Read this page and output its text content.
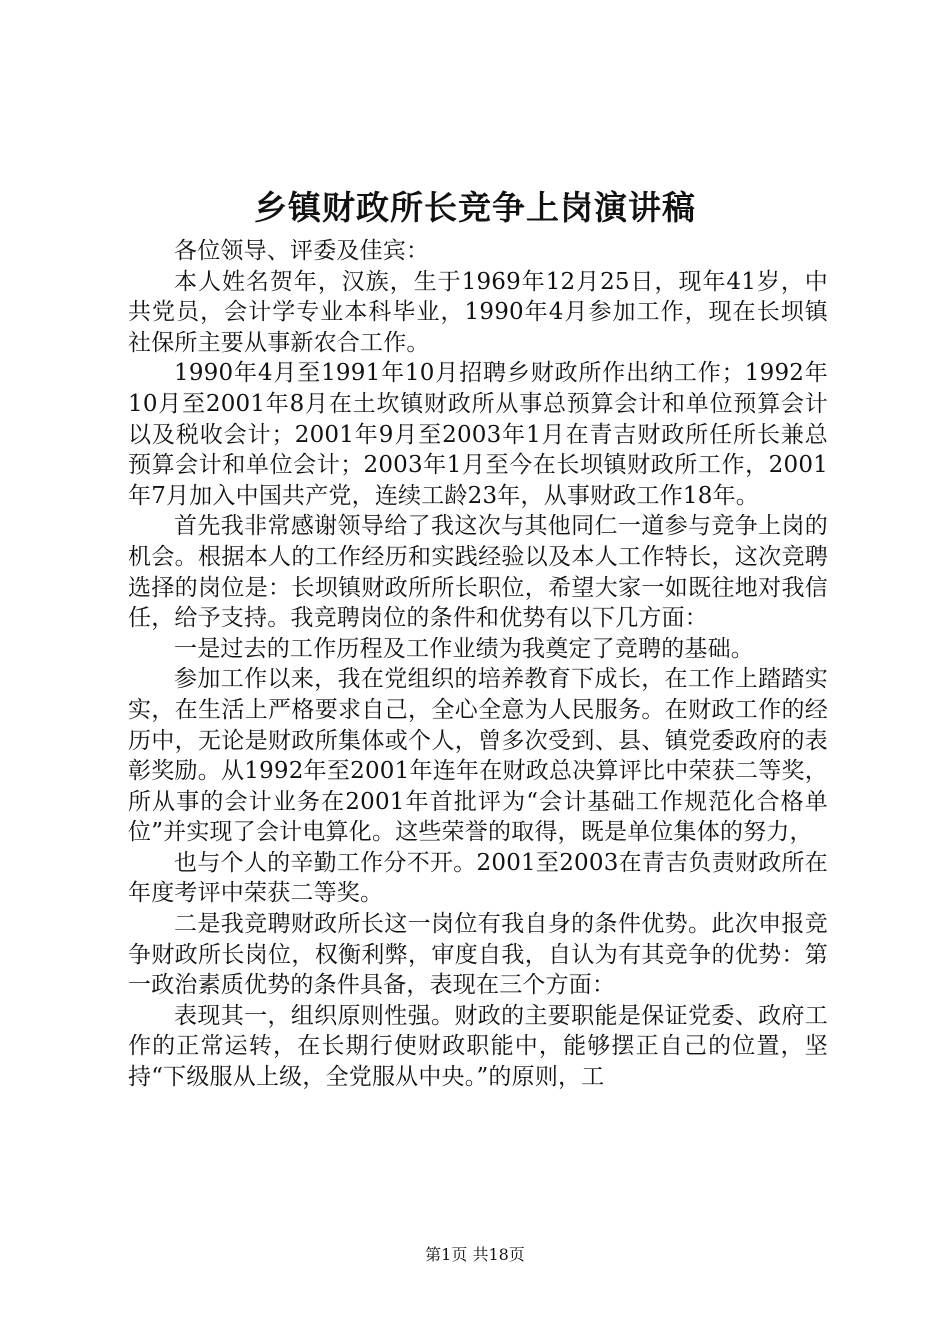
乡镇财政所长竞争上岗演讲稿

各位领导、评委及佳宾：

本人姓名贺年，汉族，生于1969年12月25日，现年41岁，中共党员，会计学专业本科毕业，1990年4月参加工作，现在长坝镇社保所主要从事新农合工作。

1990年4月至1991年10月招聘乡财政所作出纳工作；1992年10月至2001年8月在土坎镇财政所从事总预算会计和单位预算会计以及税收会计；2001年9月至2003年1月在青吉财政所任所长兼总预算会计和单位会计；2003年1月至今在长坝镇财政所工作，2001年7月加入中国共产党，连续工龄23年，从事财政工作18年。

首先我非常感谢领导给了我这次与其他同仁一道参与竞争上岗的机会。根据本人的工作经历和实践经验以及本人工作特长，这次竞聘选择的岗位是：长坝镇财政所所长职位，希望大家一如既往地对我信任，给予支持。我竞聘岗位的条件和优势有以下几方面：

一是过去的工作历程及工作业绩为我奠定了竞聘的基础。

参加工作以来，我在党组织的培养教育下成长，在工作上踏踏实实，在生活上严格要求自己，全心全意为人民服务。在财政工作的经历中，无论是财政所集体或个人，曾多次受到、县、镇党委政府的表彰奖励。从1992年至2001年连年在财政总决算评比中荣获二等奖，所从事的会计业务在2001年首批评为“会计基础工作规范化合格单位”并实现了会计电算化。这些荣誉的取得，既是单位集体的努力，

也与个人的辛勤工作分不开。2001至2003在青吉负责财政所在年度考评中荣获二等奖。

二是我竞聘财政所长这一岗位有我自身的条件优势。此次申报竞争财政所长岗位，权衡利弊，审度自我，自认为有其竞争的优势：第一政治素质优势的条件具备，表现在三个方面：

表现其一，组织原则性强。财政的主要职能是保证党委、政府工作的正常运转，在长期行使财政职能中，能够摆正自己的位置，坚持“下级服从上级，全党服从中央。”的原则，工

第1页 共18页
